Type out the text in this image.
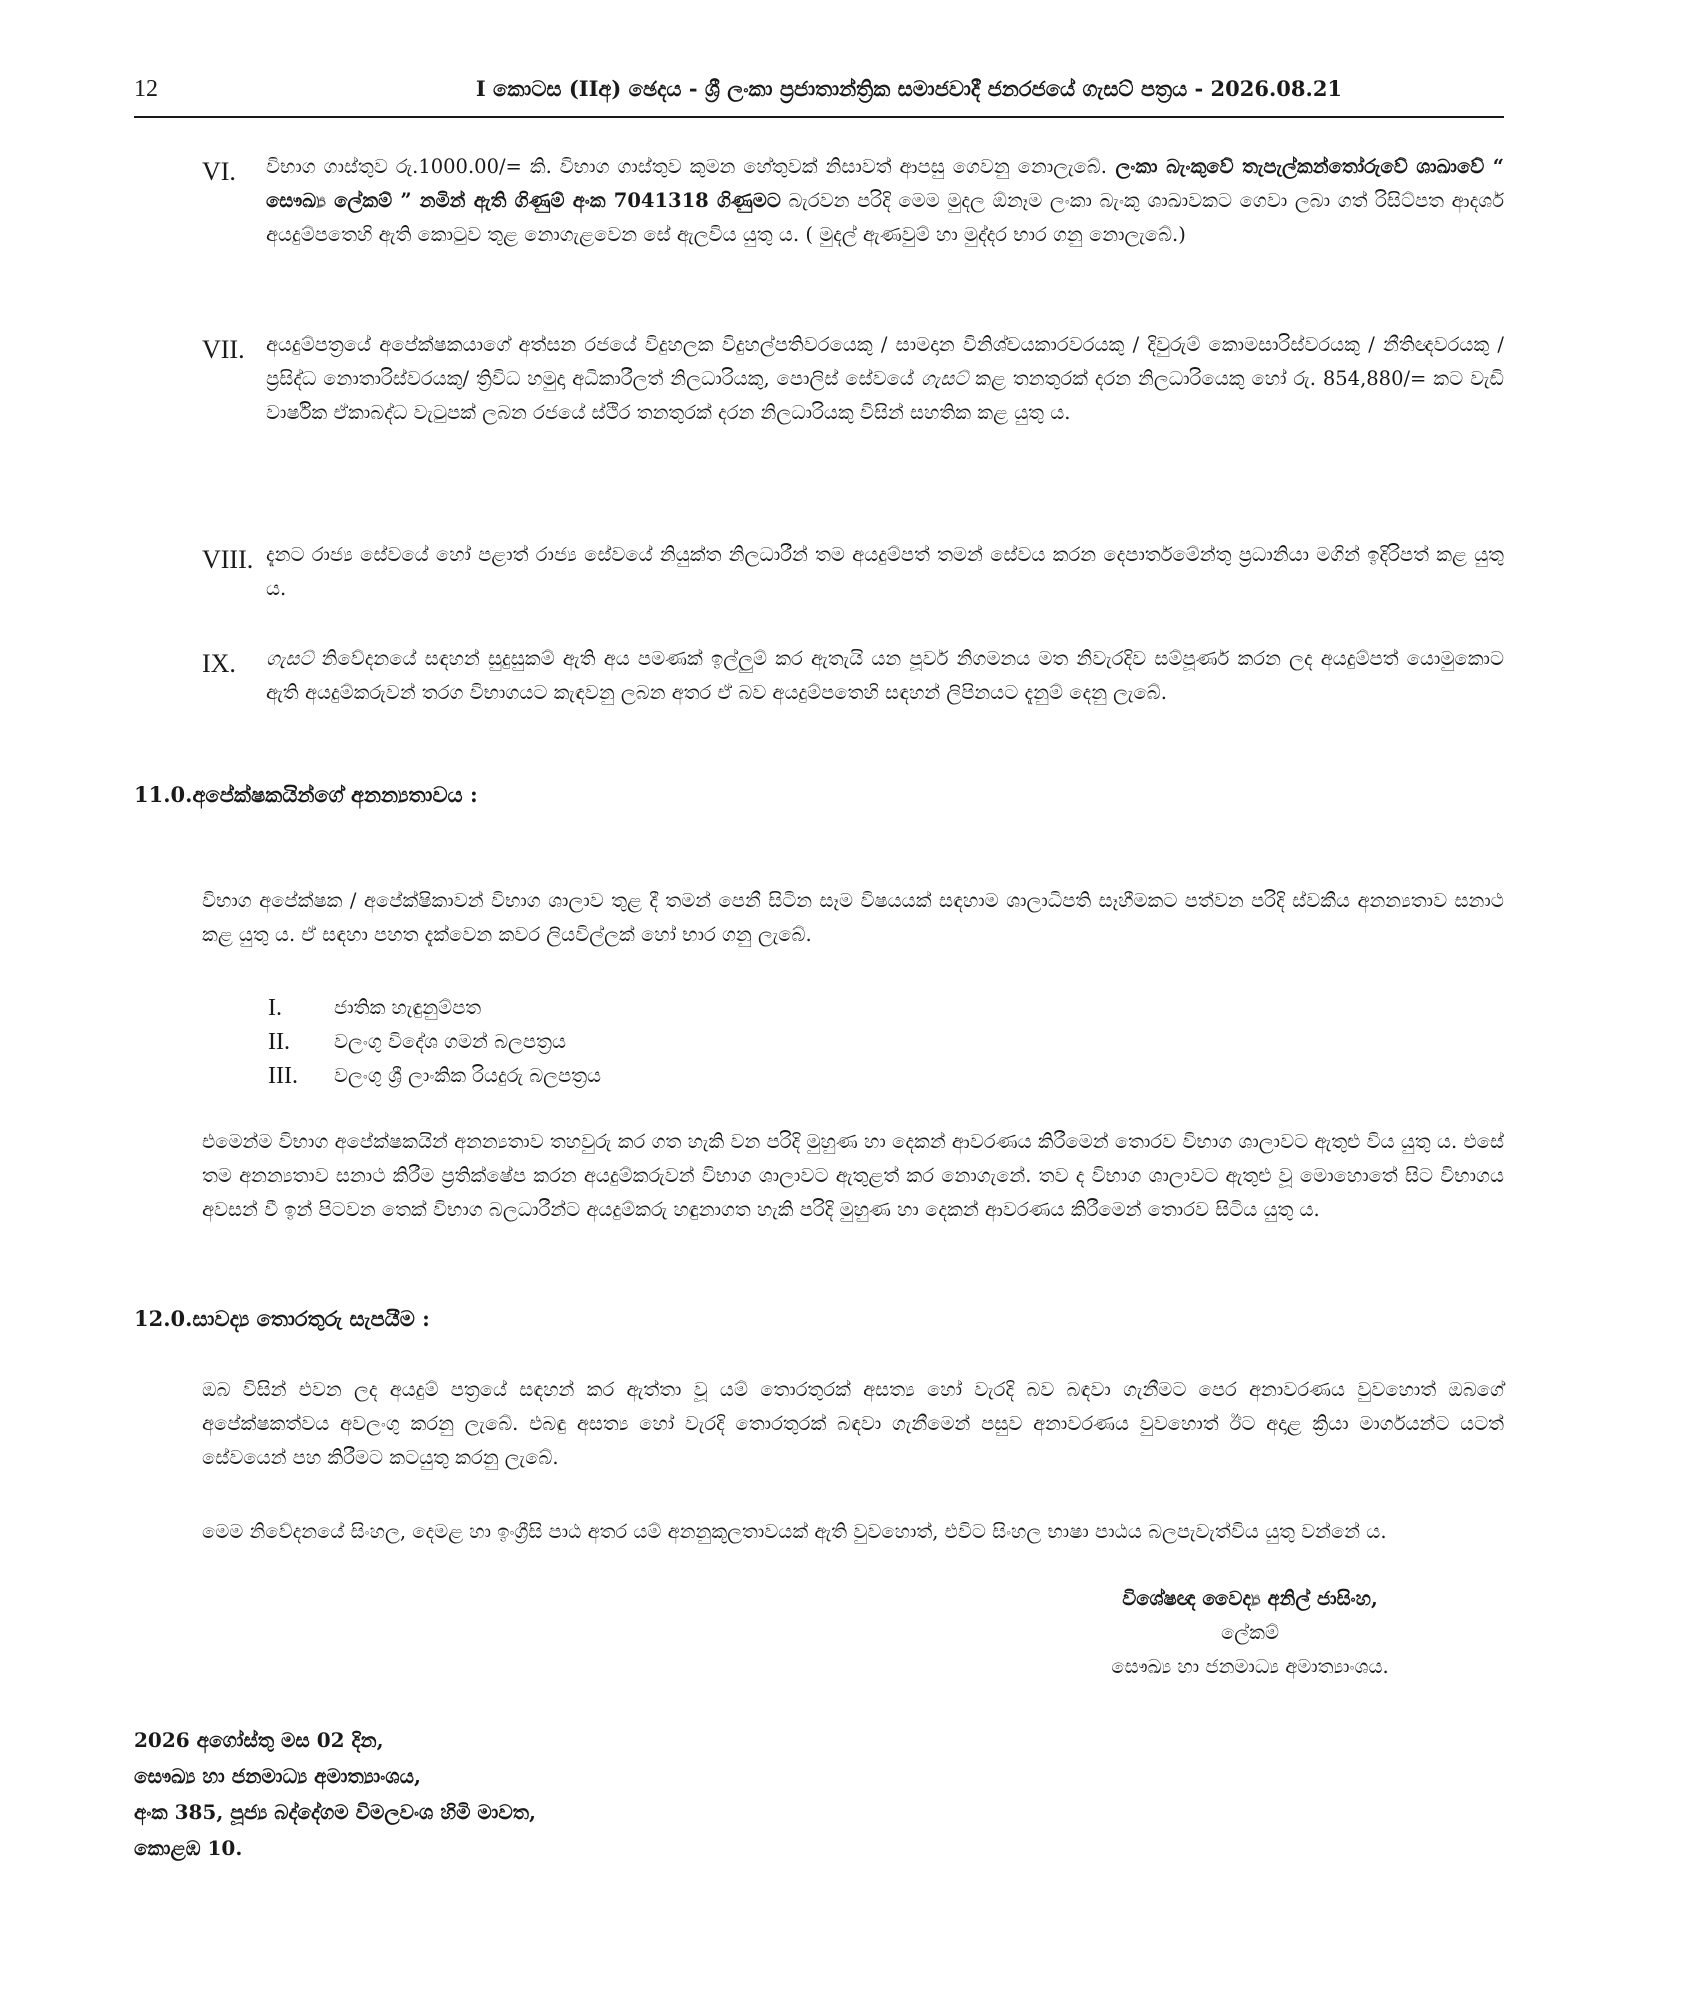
12	I කොටස (IIඅ) ඡෙදය - ශ්‍රී ලංකා ප්‍රජාතාන්ත්‍රික සමාජවාදී ජනරජයේ ගැසට් පත්‍රය - 2026.08.21
VI. විභාග ගාස්තුව රු.1000.00/= කි. විභාග ගාස්තුව කුමන හේතුවක් නිසාවත් ආපසු ගෙවනු නොලැබේ. ලංකා බැංකුවේ තැපැල්කන්තෝරුවේ ශාඛාවේ “ සෞඛ්‍ය ලේකම් ” නමින් ඇති ගිණුම් අංක 7041318 ගිණුමට බැරවන පරිදි මෙම මුදල ඕනෑම ලංකා බැංකු ශාඛාවකට ගෙවා ලබා ගත් රිසිට්පත ආදර්ශ අයදුම්පතෙහි ඇති කොටුව තුළ නොගැළවෙන සේ ඇලවිය යුතු ය. ( මුදල් ඇණවුම් හා මුද්දර භාර ගනු නොලැබේ.)
VII. අයදුම්පත්‍රයේ අපේක්ෂකයාගේ අත්සන රජයේ විදුහලක විදුහල්පතිවරයෙකු / සාමදාන විනිශ්චයකාරවරයකු / දිවුරුම් කොමසාරිස්වරයකු / නීතිඥවරයකු / ප්‍රසිද්ධ නොතාරිස්වරයකු/ ත්‍රිවිධ හමුදා අධිකාරීලත් නිලධාරියකු, පොලිස් සේවයේ ගැසට් කළ තනතුරක් දරන නිලධාරියෙකු හෝ රු. 854,880/= කට වැඩි වාර්ෂික ඒකාබද්ධ වැටුපක් ලබන රජයේ ස්ථිර තනතුරක් දරන නිලධාරියකු විසින් සහතික කළ යුතු ය.
VIII. දැනට රාජ්‍ය සේවයේ හෝ පළාත් රාජ්‍ය සේවයේ නියුක්ත නිලධාරීන් තම අයදුම්පත් තමන් සේවය කරන දෙපාර්තමේන්තු ප්‍රධානියා මගින් ඉදිරිපත් කළ යුතු ය.
IX. ගැසට් නිවේදනයේ සඳහන් සුදුසුකම් ඇති අය පමණක් ඉල්ලුම් කර ඇතැයි යන පූර්ව නිගමනය මත නිවැරදිව සම්පූර්ණ කරන ලද අයදුම්පත් යොමුකොට ඇති අයදුම්කරුවන් තරග විභාගයට කැඳවනු ලබන අතර ඒ බව අයදුම්පතෙහි සඳහන් ලිපිනයට දැනුම් දෙනු ලැබේ.
11.0.අපේක්ෂකයින්ගේ අනන්‍යතාවය :
විභාග අපේක්ෂක / අපේක්ෂිකාවන් විභාග ශාලාව තුළ දී තමන් පෙනී සිටින සෑම විෂයයක් සඳහාම ශාලාධිපති සෑහීමකට පත්වන පරිදි ස්වකීය අනන්‍යතාව සනාථ කළ යුතු ය. ඒ සඳහා පහත දැක්වෙන කවර ලියවිල්ලක් හෝ භාර ගනු ලැබේ.
I.	ජාතික හැඳුනුම්පත
II. වලංගු විදේශ ගමන් බලපත්‍රය
III. වලංගු ශ්‍රී ලාංකික රියදුරු බලපත්‍රය
එමෙන්ම විභාග අපේක්ෂකයින් අනන්‍යතාව තහවුරු කර ගත හැකි වන පරිදි මුහුණ හා දෙකන් ආවරණය කිරීමෙන් තොරව විභාග ශාලාවට ඇතුළු විය යුතු ය. එසේ තම අනන්‍යතාව සනාථ කිරීම ප්‍රතික්ෂේප කරන අයදුම්කරුවන් විභාග ශාලාවට ඇතුළත් කර නොගැනේ. තව ද විභාග ශාලාවට ඇතුළු වූ මොහොතේ සිට විභාගය අවසන් වී ඉන් පිටවන තෙක් විභාග බලධාරීන්ට අයදුම්කරු හඳුනාගත හැකි පරිදි මුහුණ හා දෙකන් ආවරණය කිරීමෙන් තොරව සිටිය යුතු ය.
12.0.සාවද්‍ය තොරතුරු සැපයීම :
ඔබ විසින් එවන ලද අයදුම් පත්‍රයේ සඳහන් කර ඇත්තා වූ යම් තොරතුරක් අසත්‍ය හෝ වැරදි බව බඳවා ගැනීමට පෙර අනාවරණය වුවහොත් ඔබගේ අපේක්ෂකත්වය අවලංගු කරනු ලැබේ. එබඳු අසත්‍ය හෝ වැරදි තොරතුරක් බඳවා ගැනීමෙන් පසුව අනාවරණය වුවහොත් ඊට අදාළ ක්‍රියා මාර්ගයන්ට යටත් සේවයෙන් පහ කිරීමට කටයුතු කරනු ලැබේ.
මෙම නිවේදනයේ සිංහල, දෙමළ හා ඉංග්‍රීසි පාඨ අතර යම් අනනුකූලතාවයක් ඇති වුවහොත්, එවිට සිංහල භාෂා පාඨය බලපැවැත්විය යුතු වන්නේ ය.
විශේෂඥ වෛද්‍ය අනිල් ජාසිංහ,
ලේකම්
සෞඛ්‍ය හා ජනමාධ්‍ය අමාත්‍යාංශය.
2026 අගෝස්තු මස 02 දින,
සෞඛ්‍ය හා ජනමාධ්‍ය අමාත්‍යාංශය,
අංක 385, පූජ්‍ය බද්දේගම විමලවංශ හිමි මාවත,
කොළඹ 10.
